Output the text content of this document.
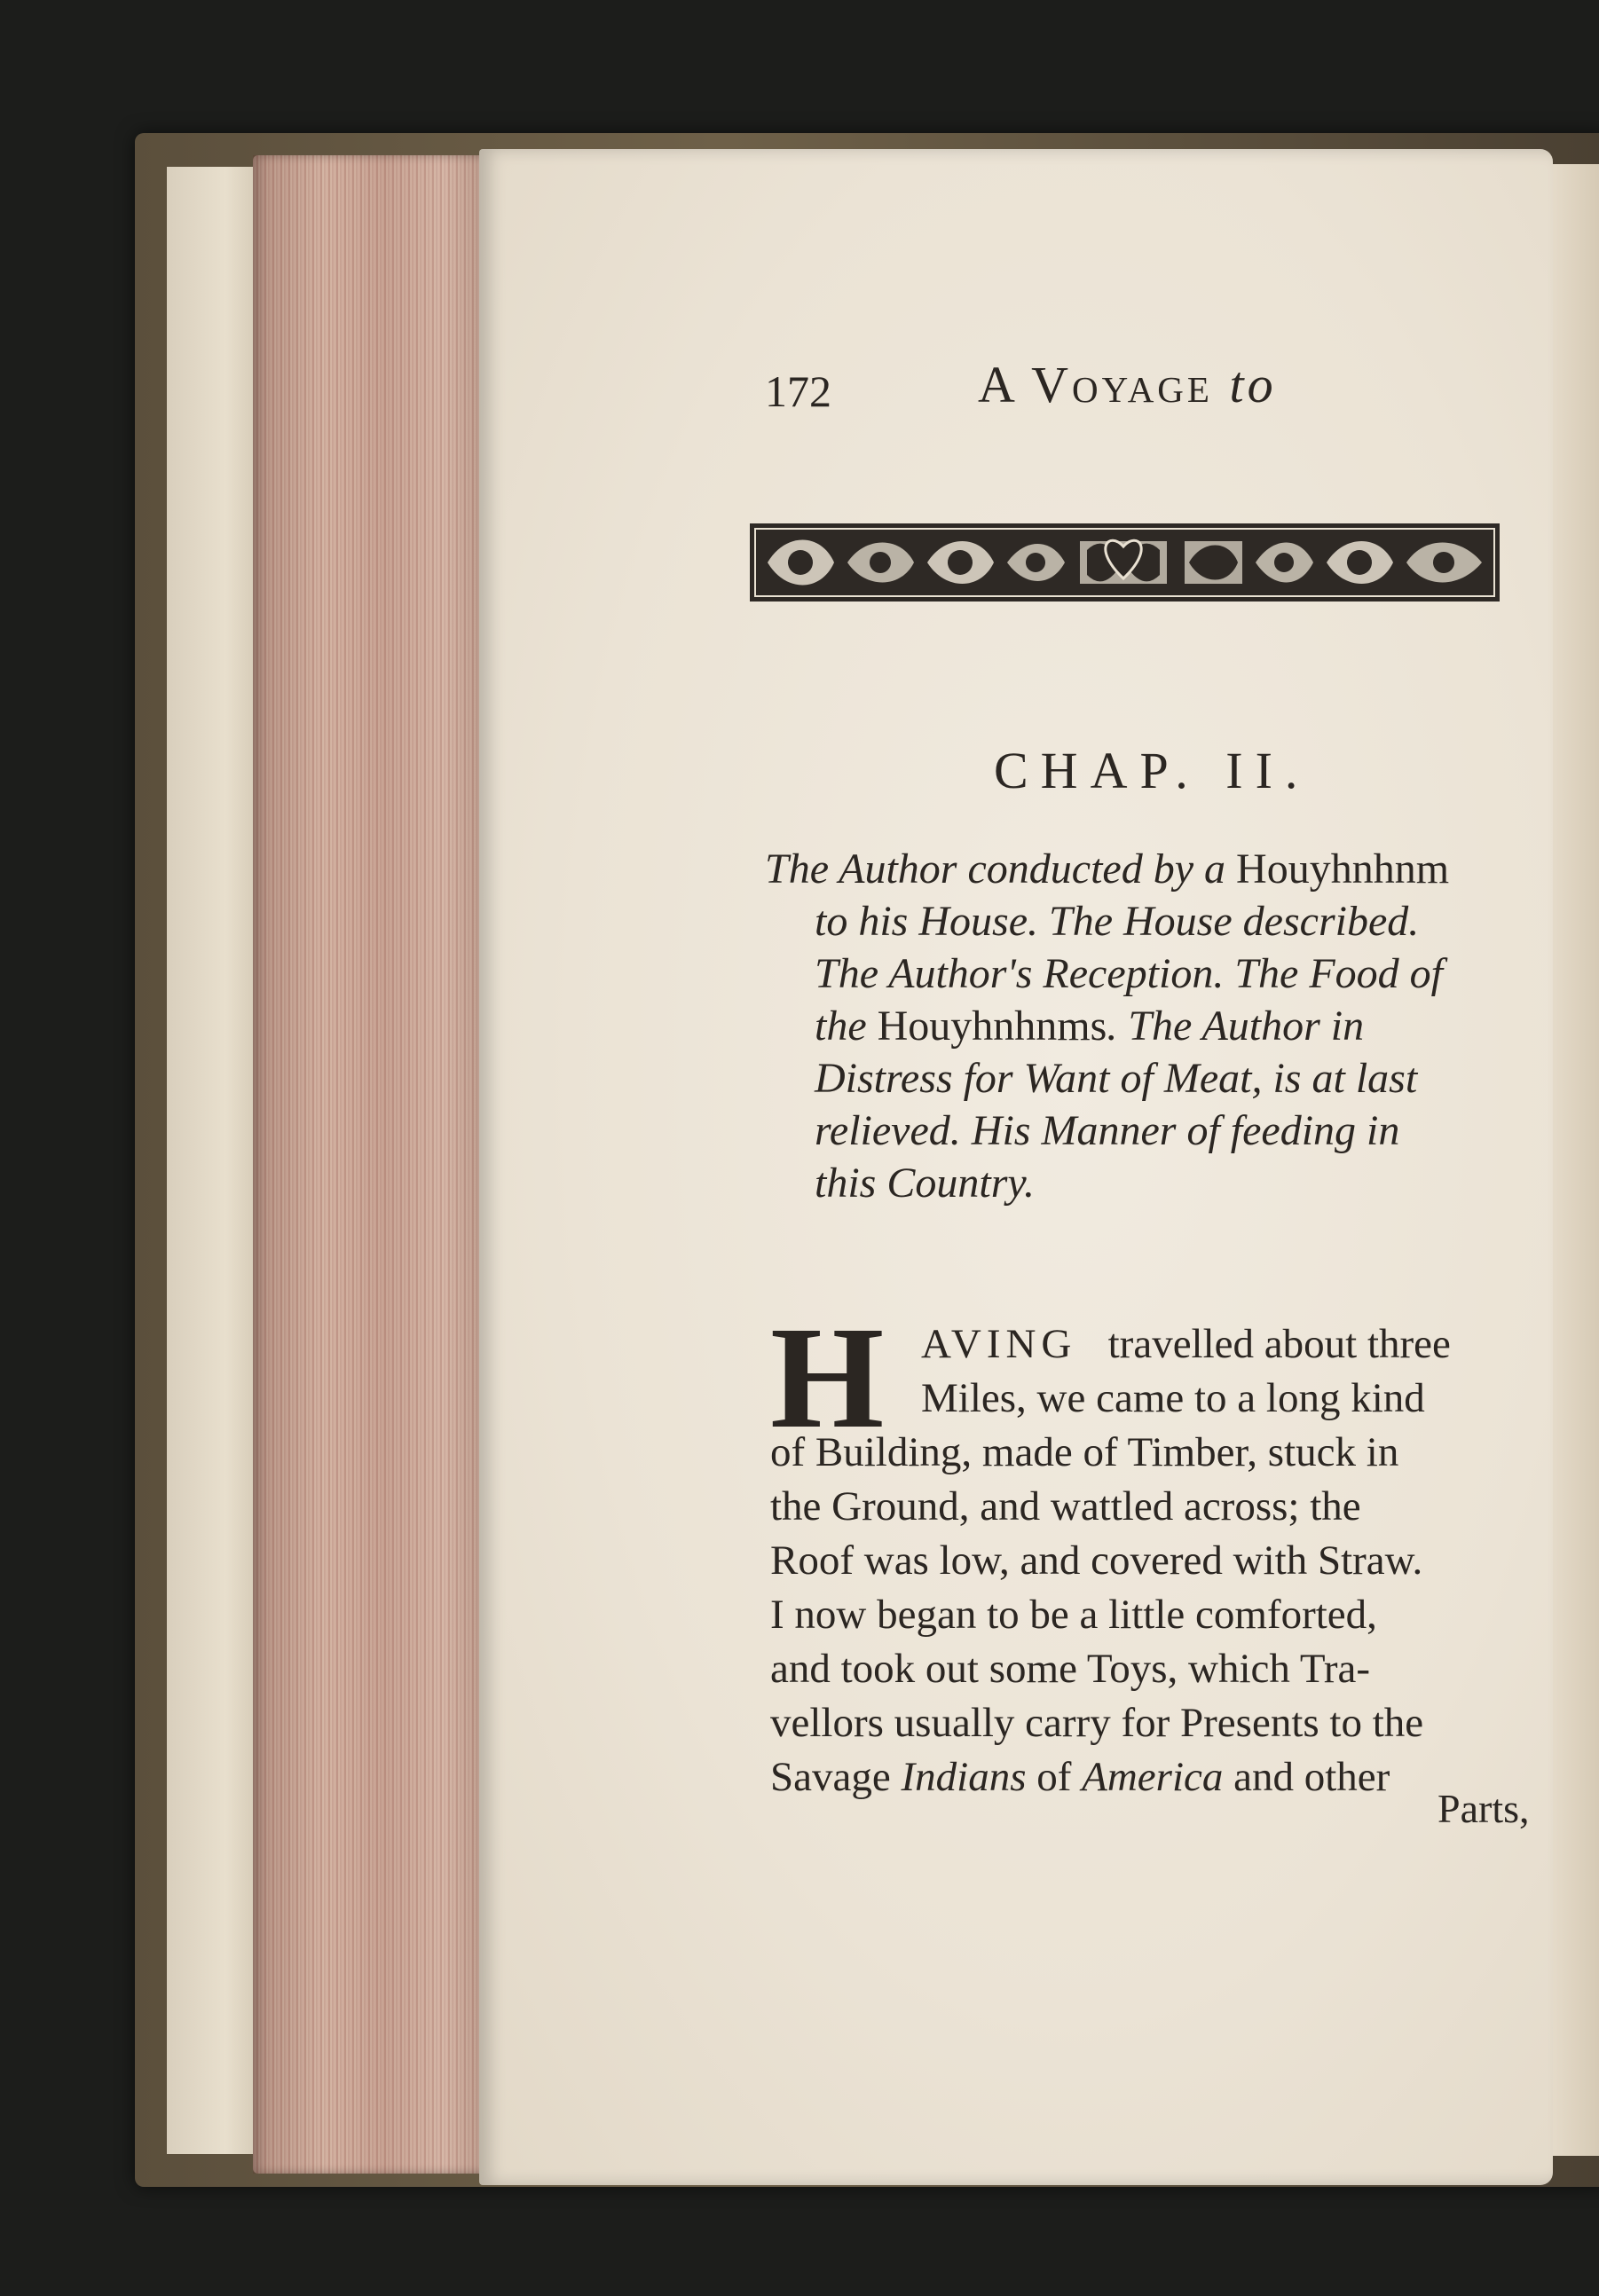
172	A Voyage to
CHAP. II.
The Author conducted by a Houyhnhnm
to his House. The House described.
The Author's Reception. The Food of
the Houyhnhnms. The Author in
Distress for Want of Meat, is at last
relieved. His Manner of feeding in
this Country.
H AVING travelled about three
Miles, we came to a long kind
of Building, made of Timber, stuck in
the Ground, and wattled across; the
Roof was low, and covered with Straw.
I now began to be a little comforted,
and took out some Toys, which Tra-
vellors usually carry for Presents to the
Savage Indians of America and other
Parts,
